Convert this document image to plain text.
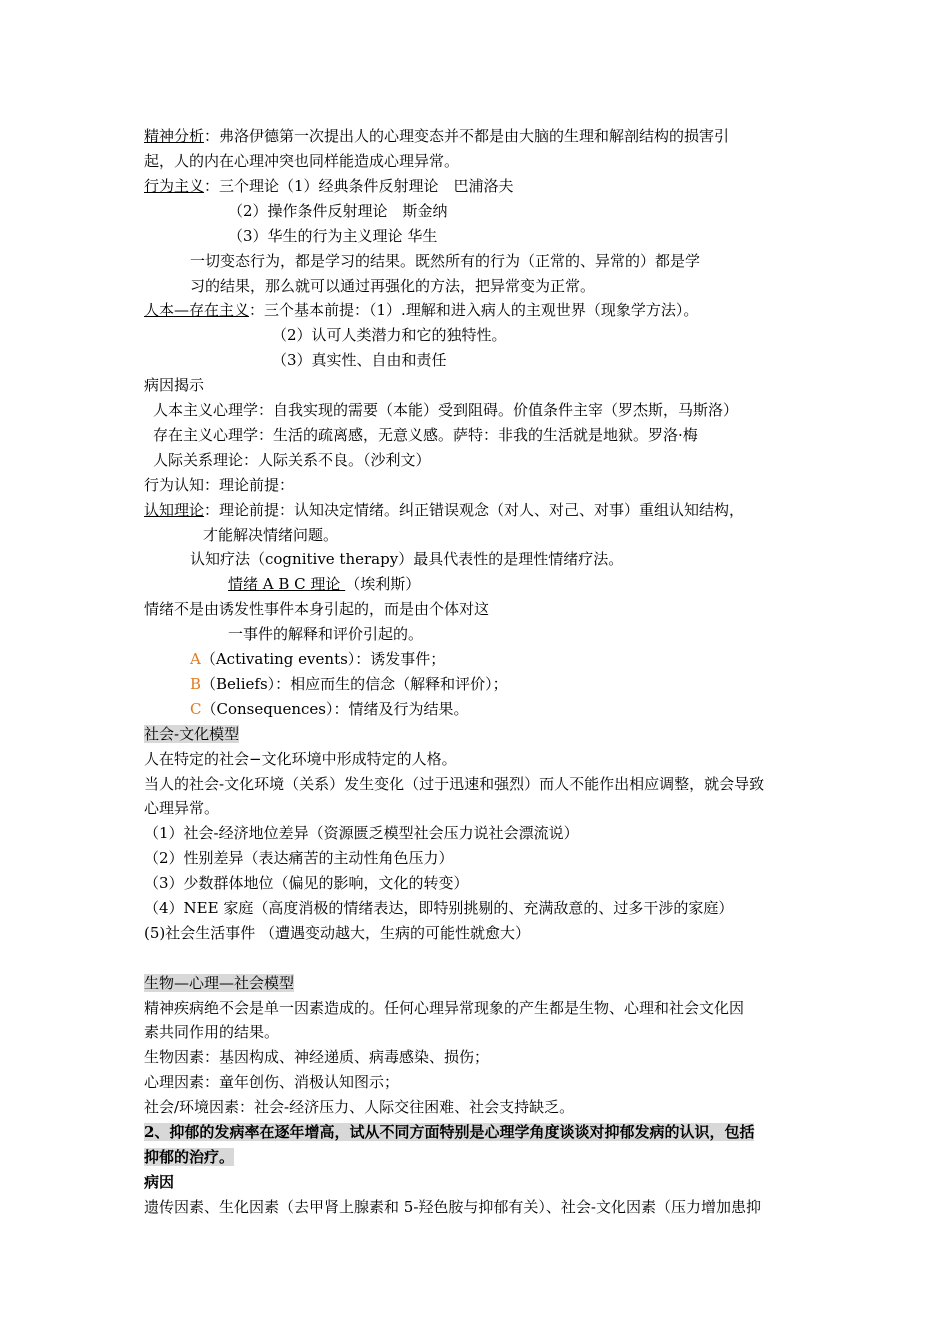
精神分析：弗洛伊德第一次提出人的心理变态并不都是由大脑的生理和解剖结构的损害引
起，人的内在心理冲突也同样能造成心理异常。
行为主义：三个理论（1）经典条件反射理论　巴浦洛夫
（2）操作条件反射理论　斯金纳
（3）华生的行为主义理论 华生
一切变态行为，都是学习的结果。既然所有的行为（正常的、异常的）都是学
习的结果，那么就可以通过再强化的方法，把异常变为正常。
人本—存在主义：三个基本前提：（1）.理解和进入病人的主观世界（现象学方法）。
（2）认可人类潜力和它的独特性。
（3）真实性、自由和责任
病因揭示
人本主义心理学：自我实现的需要（本能）受到阻碍。价值条件主宰（罗杰斯，马斯洛）
存在主义心理学：生活的疏离感，无意义感。萨特：非我的生活就是地狱。罗洛·梅
人际关系理论：人际关系不良。（沙利文）
行为认知：理论前提：
认知理论：理论前提：认知决定情绪。纠正错误观念（对人、对己、对事）重组认知结构，
才能解决情绪问题。
认知疗法（cognitive therapy）最具代表性的是理性情绪疗法。
情绪 A B C 理论 （埃利斯）
情绪不是由诱发性事件本身引起的，而是由个体对这
一事件的解释和评价引起的。
A（Activating events）：诱发事件；
B（Beliefs）：相应而生的信念（解释和评价）；
C（Consequences）：情绪及行为结果。
社会-文化模型
人在特定的社会−文化环境中形成特定的人格。
当人的社会-文化环境（关系）发生变化（过于迅速和强烈）而人不能作出相应调整，就会导致
心理异常。
（1）社会-经济地位差异（资源匮乏模型社会压力说社会漂流说）
（2）性别差异（表达痛苦的主动性角色压力）
（3）少数群体地位（偏见的影响，文化的转变）
（4）NEE 家庭（高度消极的情绪表达，即特别挑剔的、充满敌意的、过多干涉的家庭）
(5)社会生活事件 （遭遇变动越大，生病的可能性就愈大）
生物—心理—社会模型
精神疾病绝不会是单一因素造成的。任何心理异常现象的产生都是生物、心理和社会文化因
素共同作用的结果。
生物因素：基因构成、神经递质、病毒感染、损伤；
心理因素：童年创伤、消极认知图示；
社会/环境因素：社会-经济压力、人际交往困难、社会支持缺乏。
2、抑郁的发病率在逐年增高，试从不同方面特别是心理学角度谈谈对抑郁发病的认识，包括
抑郁的治疗。
病因
遗传因素、生化因素（去甲肾上腺素和 5-羟色胺与抑郁有关）、社会-文化因素（压力增加患抑
